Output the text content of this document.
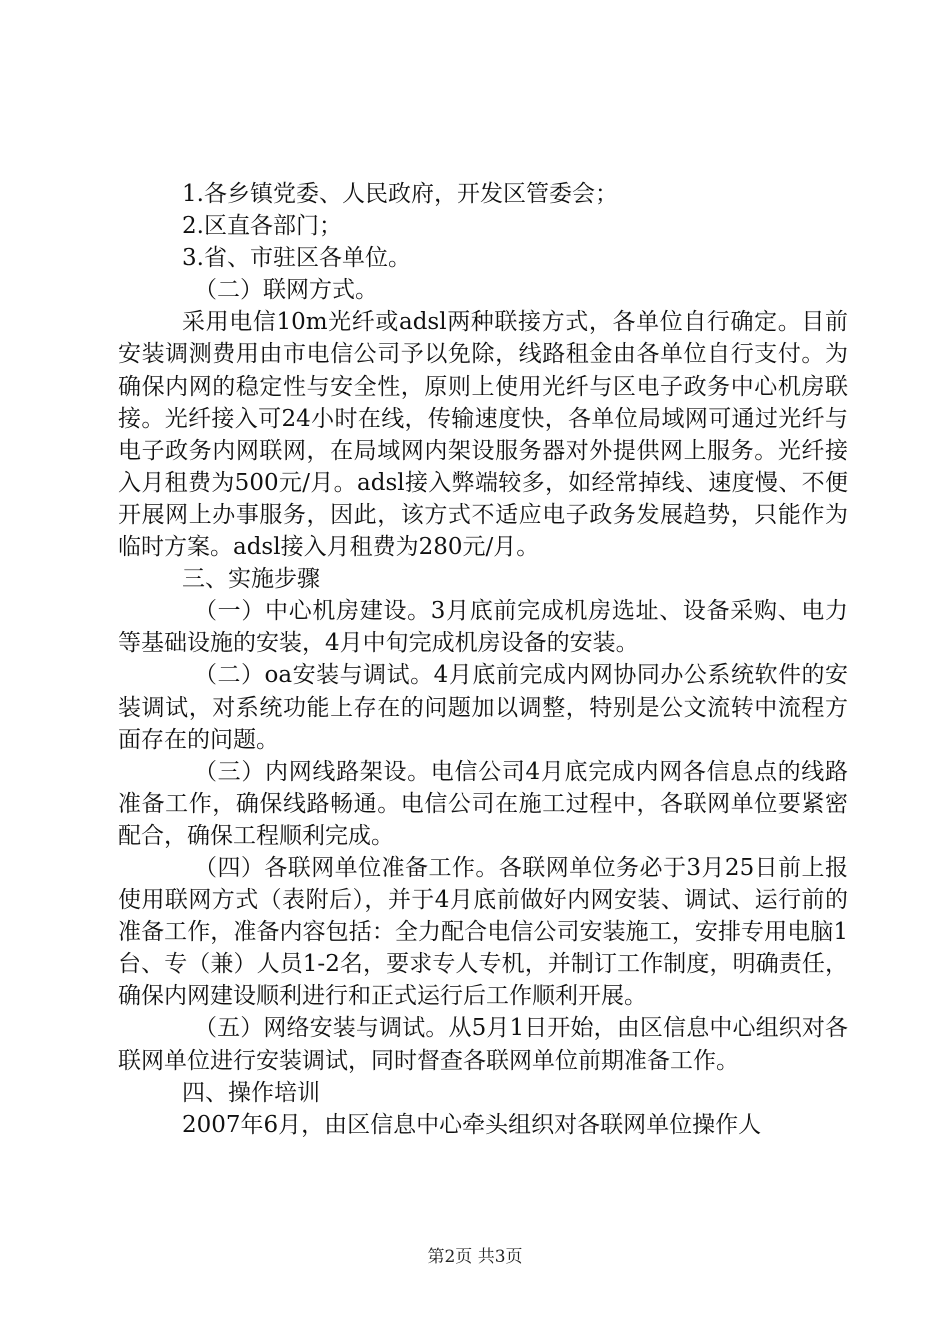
1.各乡镇党委、人民政府，开发区管委会；

2.区直各部门；

3.省、市驻区各单位。

（二）联网方式。

采用电信10m光纤或adsl两种联接方式，各单位自行确定。目前安装调测费用由市电信公司予以免除，线路租金由各单位自行支付。为确保内网的稳定性与安全性，原则上使用光纤与区电子政务中心机房联接。光纤接入可24小时在线，传输速度快，各单位局域网可通过光纤与电子政务内网联网，在局域网内架设服务器对外提供网上服务。光纤接入月租费为500元/月。adsl接入弊端较多，如经常掉线、速度慢、不便开展网上办事服务，因此，该方式不适应电子政务发展趋势，只能作为临时方案。adsl接入月租费为280元/月。

三、实施步骤

（一）中心机房建设。3月底前完成机房选址、设备采购、电力等基础设施的安装，4月中旬完成机房设备的安装。

（二）oa安装与调试。4月底前完成内网协同办公系统软件的安装调试，对系统功能上存在的问题加以调整，特别是公文流转中流程方面存在的问题。

（三）内网线路架设。电信公司4月底完成内网各信息点的线路准备工作，确保线路畅通。电信公司在施工过程中，各联网单位要紧密配合，确保工程顺利完成。

（四）各联网单位准备工作。各联网单位务必于3月25日前上报使用联网方式（表附后），并于4月底前做好内网安装、调试、运行前的准备工作，准备内容包括：全力配合电信公司安装施工，安排专用电脑1台、专（兼）人员1-2名，要求专人专机，并制订工作制度，明确责任，确保内网建设顺利进行和正式运行后工作顺利开展。

（五）网络安装与调试。从5月1日开始，由区信息中心组织对各联网单位进行安装调试，同时督查各联网单位前期准备工作。

四、操作培训

2007年6月，由区信息中心牵头组织对各联网单位操作人

第2页 共3页
